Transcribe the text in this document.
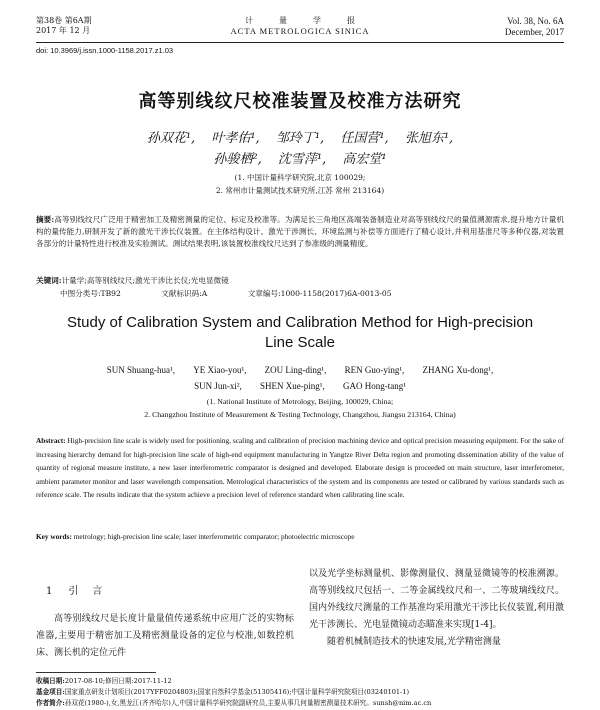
第38卷 第6A期
2017 年 12 月
计量学报
ACTA METROLOGICA SINICA
Vol. 38, No. 6A
December, 2017
doi: 10.3969/j.issn.1000-1158.2017.z1.03
高等别线纹尺校准装置及校准方法研究
孙双花¹, 叶孝佑¹, 邹玲丁¹, 任国营¹, 张旭东¹,
孙骏栖², 沈雪萍¹, 高宏堂¹
(1. 中国计量科学研究院,北京 100029;
2. 常州市计量测试技术研究所,江苏 常州 213164)
摘要:高等别线纹尺广泛用于精密加工及精密测量的定位、标定及校准等。为满足长三角地区高端装备制造业对高等别线纹尺的量值溯源需求,提升地方计量机构的量传能力,研制开发了新的激光干涉长仪装置。在主体结构设计、激光干涉测长、环境监测与补偿等方面进行了精心设计,并利用基准尺等多种仪器,对装置各部分的计量特性进行校准及实验测试。测试结果表明,该装置校准线纹尺达到了参准级的测量精度。
关键词:计量学;高等别线纹尺;激光干涉比长仪;光电显微镜
中图分类号:TB92	文献标识码:A	文章编号:1000-1158(2017)6A-0013-05
Study of Calibration System and Calibration Method for High-precision Line Scale
SUN Shuang-hua¹, YE Xiao-you¹, ZOU Ling-ding¹, REN Guo-ying¹, ZHANG Xu-dong¹,
SUN Jun-xi², SHEN Xue-ping¹, GAO Hong-tang¹
(1. National Institute of Metrology, Beijing, 100029, China;
2. Changzhou Institute of Measurement & Testing Technology, Changzhou, Jiangsu 213164, China)
Abstract: High-precision line scale is widely used for positioning, scaling and calibration of precision machining device and optical precision measuring equipment. For the sake of increasing hierarchy demand for high-precision line scale of high-end equipment manufacturing in Yangtze River Delta region and promoting dissemination ability of the value of quantity of regional measure institute, a new laser interferometric comparator is designed and developed. Elaborate design is proceeded on main structure, laser interferometer, ambient parameter monitor and laser wavelength compensation. Metrological characteristics of the system and its components are tested or calibrated by various standards such as reference scale. The results indicate that the system achieve a precision level of reference standard when calibrating line scale.
Key words: metrology; high-precision line scale; laser interferometric comparator; photoelectric microscope
1 引言
高等别线纹尺是长度计量量值传递系统中应用广泛的实物标准器,主要用于精密加工及精密测量设备的定位与校准,如数控机床、测长机的定位元件

以及光学坐标测量机、影像测量仪、测量显微镜等的校准溯源。高等别线纹尺包括一、二等金属线纹尺和一、二等玻璃线纹尺。国内外线纹尺测量的工作基准均采用激光干涉比长仪装置,利用激光干涉测长、光电显微镜动态瞄准来实现[1-4]。

随着机械制造技术的快速发展,光学精密测量

收稿日期:2017-08-10;修回日期:2017-11-12
基金项目:国家重点研发计划项目(2017YFF0204803);国家自然科学基金(51305416);中国计量科学研究院项目(03240101-1)
作者简介:孙双花(1980-),女,黑龙江(齐齐哈尔)人,中国计量科学研究院副研究员,主要从事几何量精密测量技术研究。sunsh@nim.ac.cn
